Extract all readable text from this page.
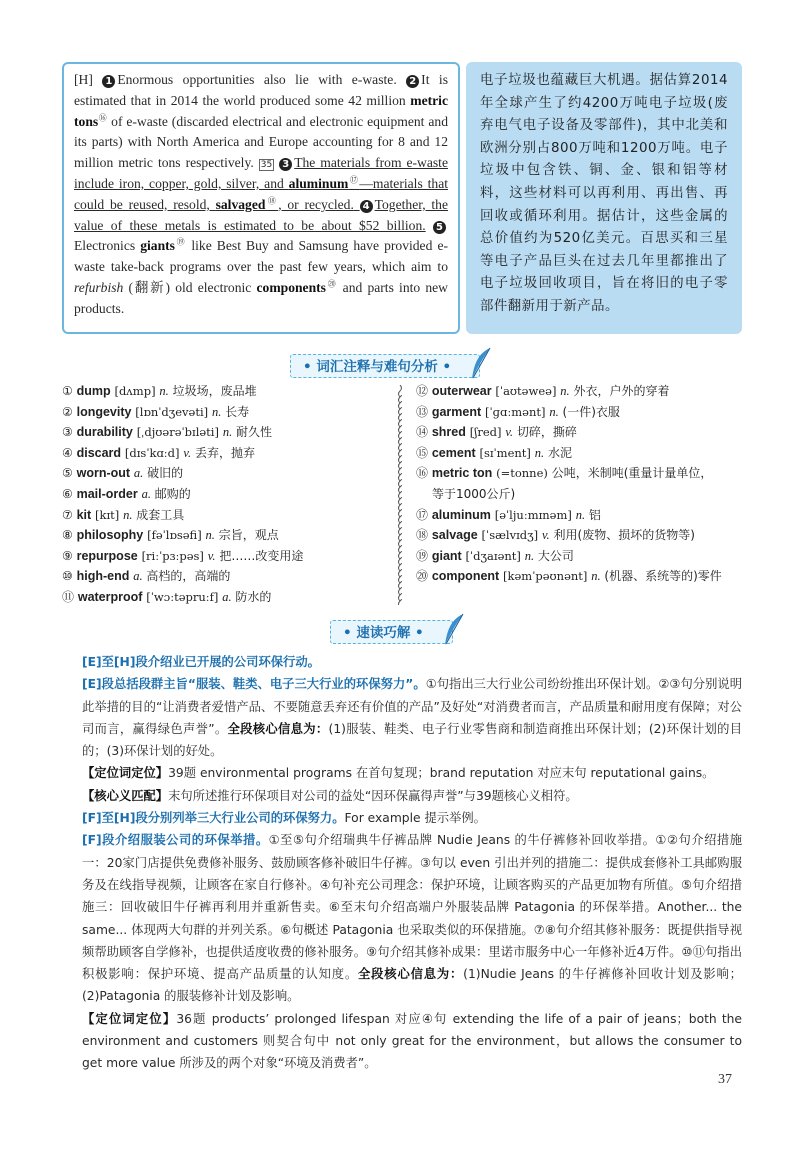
[H] 1 Enormous opportunities also lie with e-waste. 2 It is estimated that in 2014 the world produced some 42 million metric tons⑯ of e-waste (discarded electrical and electronic equipment and its parts) with North America and Europe accounting for 8 and 12 million metric tons respectively. 35 3 The materials from e-waste include iron, copper, gold, silver, and aluminum⑰—materials that could be reused, resold, salvaged⑱, or recycled. 4 Together, the value of these metals is estimated to be about $52 billion. 5Electronics giants⑲ like Best Buy and Samsung have provided e-waste take-back programs over the past few years, which aim to refurbish (翻新) old electronic components⑳ and parts into new products.
电子垃圾也蕴藏巨大机遇。据估算2014年全球产生了约4200万吨电子垃圾(废弃电气电子设备及零部件)，其中北美和欧洲分别占800万吨和1200万吨。电子垃圾中包含铁、铜、金、银和铝等材料，这些材料可以再利用、再出售、再回收或循环利用。据估计，这些金属的总价值约为520亿美元。百思买和三星等电子产品巨头在过去几年里都推出了电子垃圾回收项目，旨在将旧的电子零部件翻新用于新产品。
• 词汇注释与难句分析 •
① dump [dʌmp] n. 垃圾场，废品堆
② longevity [lɒnˈdʒevəti] n. 长寿
③ durability [ˌdjʊərəˈbɪləti] n. 耐久性
④ discard [dɪsˈkɑːd] v. 丢弃，抛弃
⑤ worn-out a. 破旧的
⑥ mail-order a. 邮购的
⑦ kit [kɪt] n. 成套工具
⑧ philosophy [fəˈlɒsəfi] n. 宗旨，观点
⑨ repurpose [riːˈpɜːpəs] v. 把……改变用途
⑩ high-end a. 高档的，高端的
⑪ waterproof [ˈwɔːtəpruːf] a. 防水的
⑫ outerwear [ˈaʊtəweə] n. 外衣，户外的穿着
⑬ garment [ˈɡɑːmənt] n. (一件)衣服
⑭ shred [ʃred] v. 切碎，撕碎
⑮ cement [sɪˈment] n. 水泥
⑯ metric ton (=tonne) 公吨，米制吨(重量计量单位，
等于1000公斤)
⑰ aluminum [əˈljuːmɪnəm] n. 铝
⑱ salvage [ˈsælvɪdʒ] v. 利用(废物、损坏的货物等)
⑲ giant [ˈdʒaɪənt] n. 大公司
⑳ component [kəmˈpəʊnənt] n. (机器、系统等的)零件
• 速读巧解 •

[E]至[H]段介绍业已开展的公司环保行动。

[E]段总括段群主旨“服装、鞋类、电子三大行业的环保努力”。①句指出三大行业公司纷纷推出环保计划。②③句分别说明此举措的目的“让消费者爱惜产品、不要随意丢弃还有价值的产品”及好处“对消费者而言，产品质量和耐用度有保障；对公司而言，赢得绿色声誉”。全段核心信息为：(1)服装、鞋类、电子行业零售商和制造商推出环保计划；(2)环保计划的目的；(3)环保计划的好处。

【定位词定位】39题 environmental programs 在首句复现；brand reputation 对应末句 reputational gains。

【核心义匹配】末句所述推行环保项目对公司的益处“因环保赢得声誉”与39题核心义相符。

[F]至[H]段分别列举三大行业公司的环保努力。For example 提示举例。

[F]段介绍服装公司的环保举措。①至⑤句介绍瑞典牛仔裤品牌 Nudie Jeans 的牛仔裤修补回收举措。①②句介绍措施一：20家门店提供免费修补服务、鼓励顾客修补破旧牛仔裤。③句以 even 引出并列的措施二：提供成套修补工具邮购服务及在线指导视频，让顾客在家自行修补。④句补充公司理念：保护环境，让顾客购买的产品更加物有所值。⑤句介绍措施三：回收破旧牛仔裤再利用并重新售卖。⑥至末句介绍高端户外服装品牌 Patagonia 的环保举措。Another... the same... 体现两大句群的并列关系。⑥句概述 Patagonia 也采取类似的环保措施。⑦⑧句介绍其修补服务：既提供指导视频帮助顾客自学修补，也提供适度收费的修补服务。⑨句介绍其修补成果：里诺市服务中心一年修补近4万件。⑩⑪句指出积极影响：保护环境、提高产品质量的认知度。全段核心信息为：(1)Nudie Jeans 的牛仔裤修补回收计划及影响；(2)Patagonia 的服装修补计划及影响。

【定位词定位】36题 products’ prolonged lifespan 对应④句 extending the life of a pair of jeans；both the environment and customers 则契合句中 not only great for the environment，but allows the consumer to get more value 所涉及的两个对象“环境及消费者”。

37
